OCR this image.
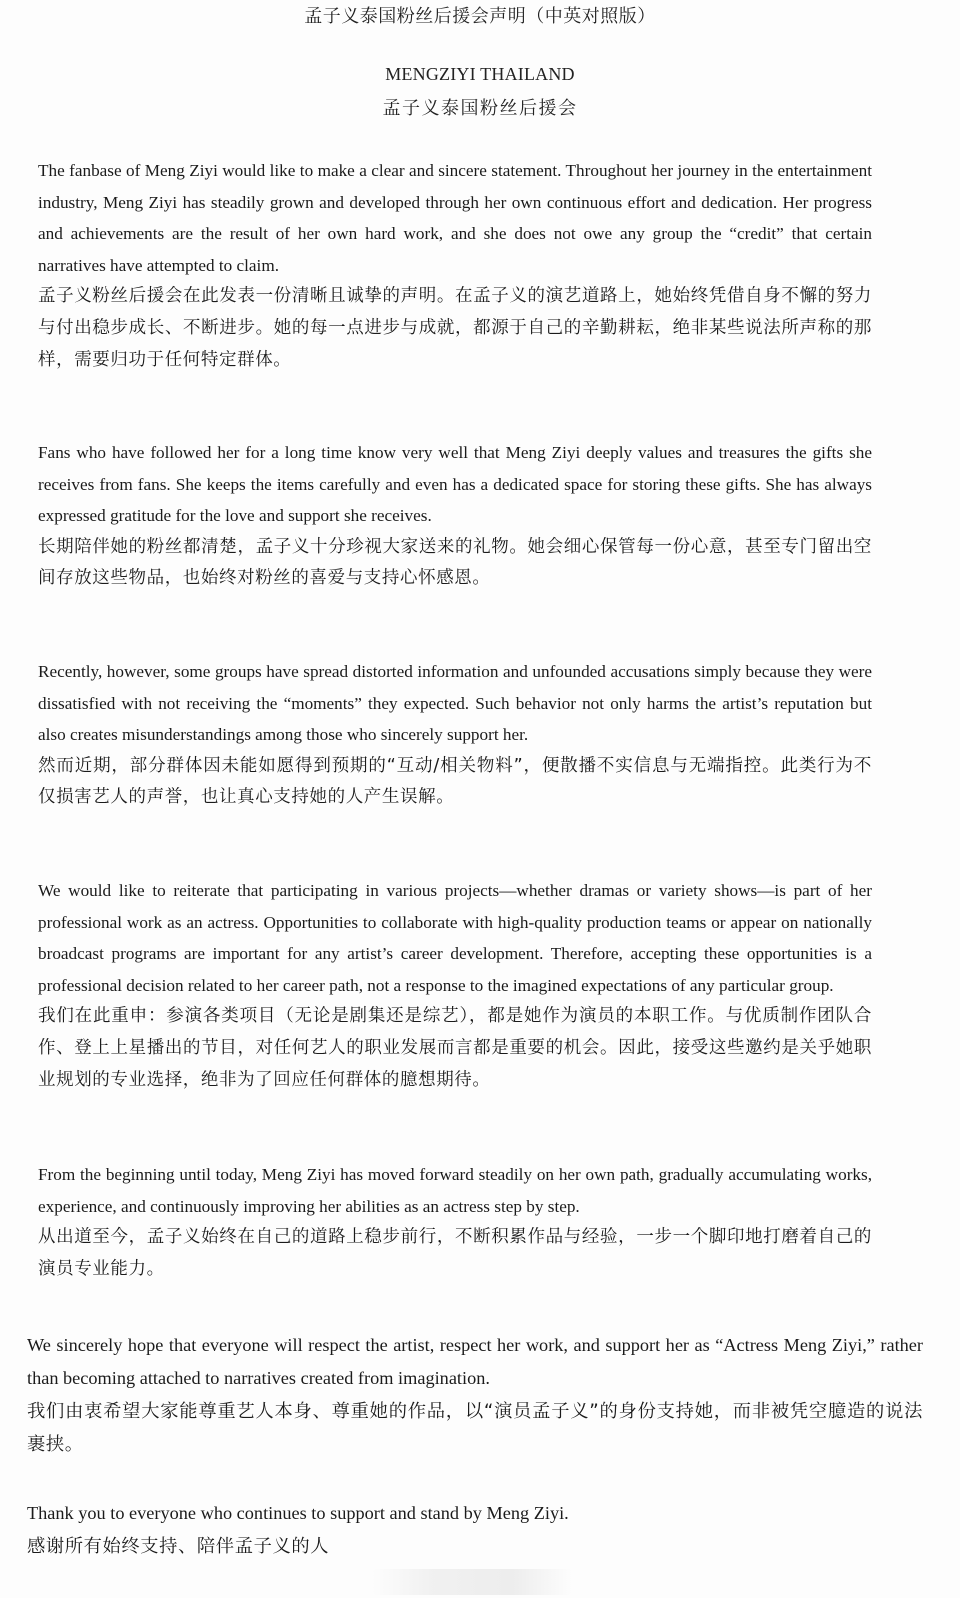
孟子义泰国粉丝后援会声明（中英对照版）
MENGZIYI THAILAND
孟子义泰国粉丝后援会

The fanbase of Meng Ziyi would like to make a clear and sincere statement. Throughout her journey in the entertainment industry, Meng Ziyi has steadily grown and developed through her own continuous effort and dedication. Her progress and achievements are the result of her own hard work, and she does not owe any group the “credit” that certain narratives have attempted to claim.

孟子义粉丝后援会在此发表一份清晰且诚挚的声明。在孟子义的演艺道路上，她始终凭借自身不懈的努力与付出稳步成长、不断进步。她的每一点进步与成就，都源于自己的辛勤耕耘，绝非某些说法所声称的那样，需要归功于任何特定群体。

Fans who have followed her for a long time know very well that Meng Ziyi deeply values and treasures the gifts she receives from fans. She keeps the items carefully and even has a dedicated space for storing these gifts. She has always expressed gratitude for the love and support she receives.

长期陪伴她的粉丝都清楚，孟子义十分珍视大家送来的礼物。她会细心保管每一份心意，甚至专门留出空间存放这些物品，也始终对粉丝的喜爱与支持心怀感恩。

Recently, however, some groups have spread distorted information and unfounded accusations simply because they were dissatisfied with not receiving the “moments” they expected. Such behavior not only harms the artist’s reputation but also creates misunderstandings among those who sincerely support her.

然而近期，部分群体因未能如愿得到预期的“互动/相关物料”，便散播不实信息与无端指控。此类行为不仅损害艺人的声誉，也让真心支持她的人产生误解。

We would like to reiterate that participating in various projects—whether dramas or variety shows—is part of her professional work as an actress. Opportunities to collaborate with high-quality production teams or appear on nationally broadcast programs are important for any artist’s career development. Therefore, accepting these opportunities is a professional decision related to her career path, not a response to the imagined expectations of any particular group.

我们在此重申：参演各类项目（无论是剧集还是综艺），都是她作为演员的本职工作。与优质制作团队合作、登上上星播出的节目，对任何艺人的职业发展而言都是重要的机会。因此，接受这些邀约是关乎她职业规划的专业选择，绝非为了回应任何群体的臆想期待。

From the beginning until today, Meng Ziyi has moved forward steadily on her own path, gradually accumulating works, experience, and continuously improving her abilities as an actress step by step.

从出道至今，孟子义始终在自己的道路上稳步前行，不断积累作品与经验，一步一个脚印地打磨着自己的演员专业能力。

We sincerely hope that everyone will respect the artist, respect her work, and support her as “Actress Meng Ziyi,” rather than becoming attached to narratives created from imagination.

我们由衷希望大家能尊重艺人本身、尊重她的作品，以“演员孟子义”的身份支持她，而非被凭空臆造的说法裹挟。

Thank you to everyone who continues to support and stand by Meng Ziyi.

感谢所有始终支持、陪伴孟子义的人
